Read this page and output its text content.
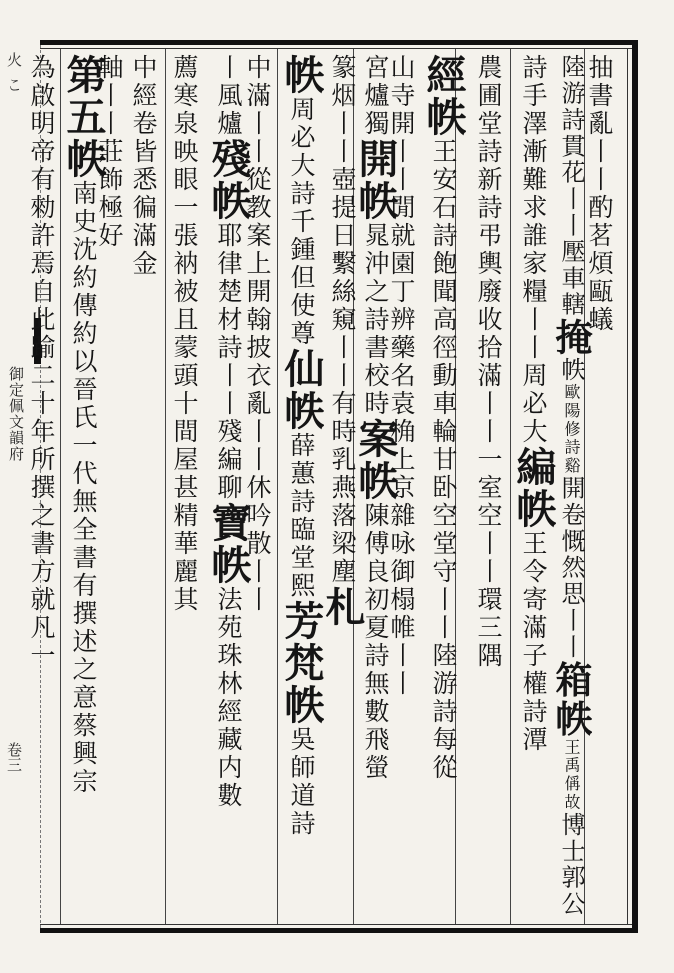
火こ
御定佩文韻府
卷三
抽書亂丨丨酌茗煩甌蟻
陸游詩貫花丨丨壓車轄掩帙歐陽修詩谿開卷慨然思丨丨箱帙王禹偁故博士郭公
詩手澤漸難求誰家糧丨丨周必大編帙王令寄滿子權詩潭
農圃堂詩新詩弔輿廢收拾滿丨丨一室空丨丨環三隅
經帙王安石詩飽聞高徑動車輪甘卧空堂守丨丨陸游詩每從
山寺開丨丨閒就園丁辨藥名袁桷上京雜咏御榻帷丨丨
宮爐獨開帙晁沖之詩書校時案帙陳傅良初夏詩無數飛螢
篆烟丨丨壺提日繫絲窺丨丨有時乳燕落梁塵札
帙周必大詩千鍾但使尊仙帙薛蕙詩臨堂熙芳梵帙吳師道詩
中滿丨丨從教案上開翰披衣亂丨丨休吟散丨丨
丨風爐殘帙耶律楚材詩丨丨殘編聊寶帙法苑珠林經藏内數
薦寒泉映眼一張衲被且蒙頭十間屋甚精華麗其
中經卷皆悉徧滿金
軸丨丨莊飾極好
第五帙南史沈約傳約以晉氏一代無全書有撰述之意蔡興宗
為啟明帝有勑許焉自此踰二十年所撰之書方就凡一
